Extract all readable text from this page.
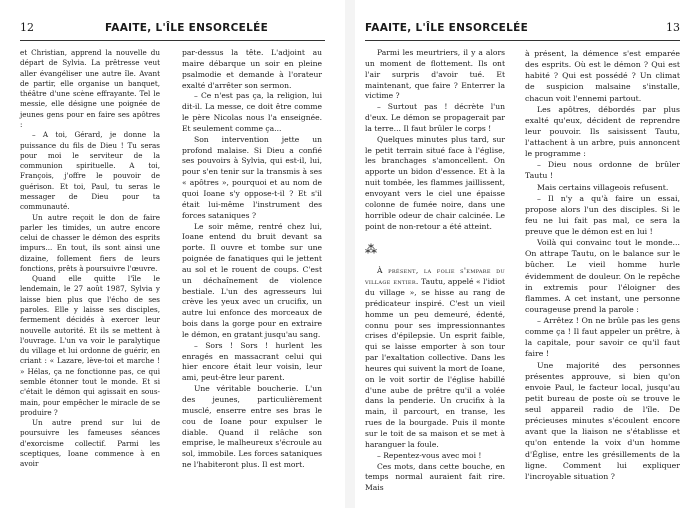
12	FAAITE, L'ÎLE ENSORCELÉE

et Christian, apprend la nouvelle du départ de Sylvia. La prêtresse veut aller évangéliser une autre île. Avant de partir, elle organise un banquet, théâtre d'une scène effrayante. Tel le messie, elle désigne une poignée de jeunes gens pour en faire ses apôtres :

– A toi, Gérard, je donne la puissance du fils de Dieu ! Tu seras pour moi le serviteur de la communion spirituelle. A toi, François, j'offre le pouvoir de guérison. Et toi, Paul, tu seras le messager de Dieu pour ta communauté.

Un autre reçoit le don de faire parler les timides, un autre encore celui de chasser le démon des esprits impurs... En tout, ils sont ainsi une dizaine, follement fiers de leurs fonctions, prêts à poursuivre l'œuvre.

Quand elle quitte l'île le lendemain, le 27 août 1987, Sylvia y laisse bien plus que l'écho de ses paroles. Elle y laisse ses disciples, fermement décidés à exercer leur nouvelle autorité. Et ils se mettent à l'ouvrage. L'un va voir le paralytique du village et lui ordonne de guérir, en criant : « Lazare, lève-toi et marche ! » Hélas, ça ne fonctionne pas, ce qui semble étonner tout le monde. Et si c'était le démon qui agissait en sous-main, pour empêcher le miracle de se produire ?

Un autre prend sur lui de poursuivre les fameuses séances d'exorcisme collectif. Parmi les sceptiques, Ioane commence à en avoir

par-dessus la tête. L'adjoint au maire débarque un soir en pleine psalmodie et demande à l'orateur exalté d'arrêter son sermon.

– Ce n'est pas ça, la religion, lui dit-il. La messe, ce doit être comme le père Nicolas nous l'a enseignée. Et seulement comme ça...

Son intervention jette un profond malaise. Si Dieu a confié ses pouvoirs à Sylvia, qui est-il, lui, pour s'en tenir sur la transmis à ses « apôtres », pourquoi et au nom de quoi Ioane s'y oppose-t-il ? Et s'il était lui-même l'instrument des forces sataniques ?

Le soir même, rentré chez lui, Ioane entend du bruit devant sa porte. Il ouvre et tombe sur une poignée de fanatiques qui le jettent au sol et le rouent de coups. C'est un déchaînement de violence bestiale. L'un des agresseurs lui crève les yeux avec un crucifix, un autre lui enfonce des morceaux de bois dans la gorge pour en extraire le démon, en gratant jusqu'au sang.

– Sors ! Sors ! hurlent les enragés en massacrant celui qui hier encore était leur voisin, leur ami, peut-être leur parent.

Une véritable boucherie. L'un des jeunes, particulièrement musclé, enserre entre ses bras le cou de Ioane pour expulser le diable. Quand il relâche son emprise, le malheureux s'écroule au sol, immobile. Les forces sataniques ne l'habiteront plus. Il est mort.

FAAITE, L'ÎLE ENSORCELÉE	13

Parmi les meurtriers, il y a alors un moment de flottement. Ils ont l'air surpris d'avoir tué. Et maintenant, que faire ? Enterrer la victime ?

– Surtout pas ! décrète l'un d'eux. Le démon se propagerait par la terre... Il faut brûler le corps !

Quelques minutes plus tard, sur le petit terrain situé face à l'église, les branchages s'amoncellent. On apporte un bidon d'essence. Et à la nuit tombée, les flammes jaillissent, envoyant vers le ciel une épaisse colonne de fumée noire, dans une horrible odeur de chair calcinée. Le point de non-retour a été atteint.

⁂

À présent, la folie s'empare du village entier. Tautu, appelé « l'idiot du village », se hisse au rang de prédicateur inspiré. C'est un vieil homme un peu demeuré, édenté, connu pour ses impressionnantes crises d'épilepsie. Un esprit faible, qui se laisse emporter à son tour par l'exaltation collective. Dans les heures qui suivent la mort de Ioane, on le voit sortir de l'église habillé d'une aube de prêtre qu'il a volée dans la penderie. Un crucifix à la main, il parcourt, en transe, les rues de la bourgade. Puis il monte sur le toit de sa maison et se met à haranguer la foule.

– Repentez-vous avec moi !

Ces mots, dans cette bouche, en temps normal auraient fait rire. Mais

à présent, la démence s'est emparée des esprits. Où est le démon ? Qui est habité ? Qui est possédé ? Un climat de suspicion malsaine s'installe, chacun voit l'ennemi partout.

Les apôtres, débordés par plus exalté qu'eux, décident de reprendre leur pouvoir. Ils saisissent Tautu, l'attachent à un arbre, puis annoncent le programme :

– Dieu nous ordonne de brûler Tautu !

Mais certains villageois refusent.

– Il n'y a qu'à faire un essai, propose alors l'un des disciples. Si le feu ne lui fait pas mal, ce sera la preuve que le démon est en lui !

Voilà qui convainc tout le monde... On attrape Tautu, on le balance sur le bûcher. Le vieil homme hurle évidemment de douleur. On le repêche in extremis pour l'éloigner des flammes. A cet instant, une personne courageuse prend la parole :

– Arrêtez ! On ne brûle pas les gens comme ça ! Il faut appeler un prêtre, à la capitale, pour savoir ce qu'il faut faire !

Une majorité des personnes présentes approuve, si bien qu'on envoie Paul, le facteur local, jusqu'au petit bureau de poste où se trouve le seul appareil radio de l'île. De précieuses minutes s'écoulent encore avant que la liaison ne s'établisse et qu'on entende la voix d'un homme d'Église, entre les grésillements de la ligne. Comment lui expliquer l'incroyable situation ?
